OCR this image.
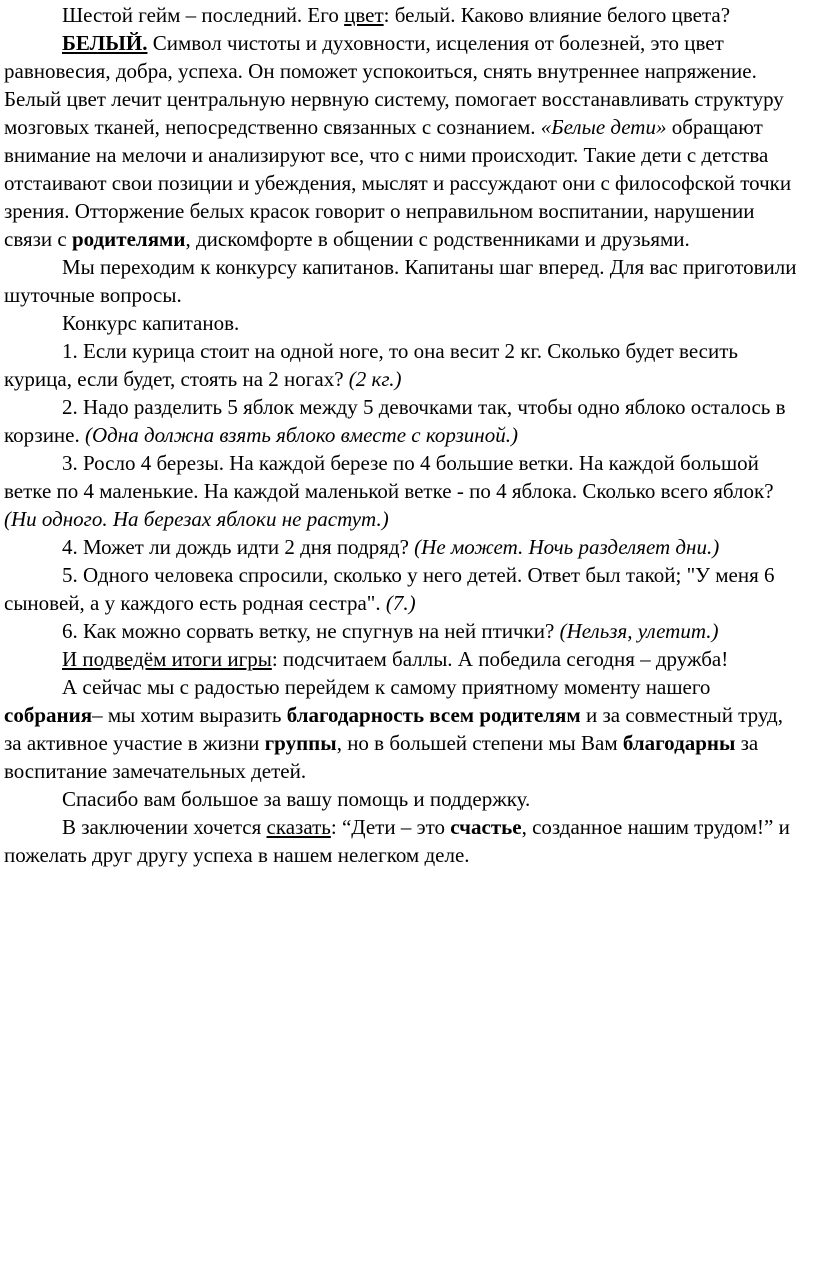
Шестой гейм – последний. Его цвет: белый. Каково влияние белого цвета?

БЕЛЫЙ. Символ чистоты и духовности, исцеления от болезней, это цвет равновесия, добра, успеха. Он поможет успокоиться, снять внутреннее напряжение. Белый цвет лечит центральную нервную систему, помогает восстанавливать структуру мозговых тканей, непосредственно связанных с сознанием. «Белые дети» обращают внимание на мелочи и анализируют все, что с ними происходит. Такие дети с детства отстаивают свои позиции и убеждения, мыслят и рассуждают они с философской точки зрения. Отторжение белых красок говорит о неправильном воспитании, нарушении связи с родителями, дискомфорте в общении с родственниками и друзьями.

Мы переходим к конкурсу капитанов. Капитаны шаг вперед. Для вас приготовили шуточные вопросы.

Конкурс капитанов.

1. Если курица стоит на одной ноге, то она весит 2 кг. Сколько будет весить курица, если будет, стоять на 2 ногах? (2 кг.)

2. Надо разделить 5 яблок между 5 девочками так, чтобы одно яблоко осталось в корзине. (Одна должна взять яблоко вместе с корзиной.)

3. Росло 4 березы. На каждой березе по 4 большие ветки. На каждой большой ветке по 4 маленькие. На каждой маленькой ветке - по 4 яблока. Сколько всего яблок? (Ни одного. На березах яблоки не растут.)

4. Может ли дождь идти 2 дня подряд? (Не может. Ночь разделяет дни.)

5. Одного человека спросили, сколько у него детей. Ответ был такой; "У меня 6 сыновей, а у каждого есть родная сестра". (7.)

6. Как можно сорвать ветку, не спугнув на ней птички? (Нельзя, улетит.)

И подведём итоги игры: подсчитаем баллы. А победила сегодня – дружба!

А сейчас мы с радостью перейдем к самому приятному моменту нашего собрания– мы хотим выразить благодарность всем родителям и за совместный труд, за активное участие в жизни группы, но в большей степени мы Вам благодарны за воспитание замечательных детей.

Спасибо вам большое за вашу помощь и поддержку.

В заключении хочется сказать: “Дети – это счастье, созданное нашим трудом!” и пожелать друг другу успеха в нашем нелегком деле.
